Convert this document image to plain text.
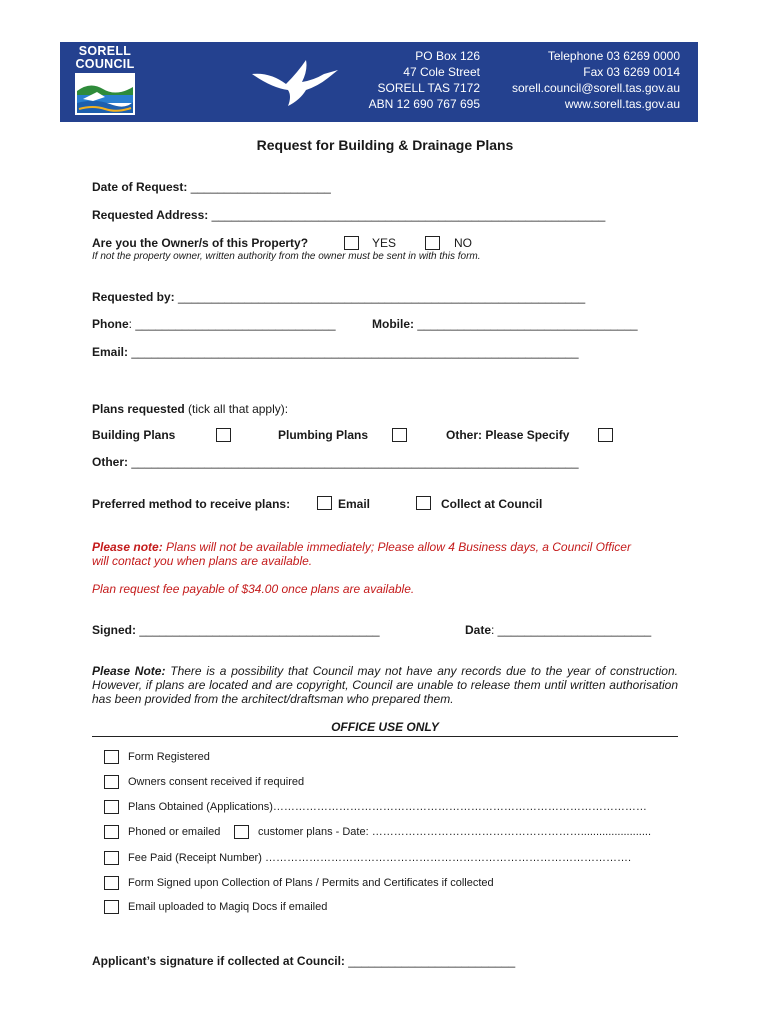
SORELL
COUNCIL
PO Box 126
47 Cole Street
SORELL TAS 7172
ABN 12 690 767 695
Telephone 03 6269 0000
Fax 03 6269 0014
sorell.council@sorell.tas.gov.au
www.sorell.tas.gov.au
Request for Building & Drainage Plans
Date of Request: _____________________
Requested Address: ___________________________________________________________
Are you the Owner/s of this Property?	YES	NO
If not the property owner, written authority from the owner must be sent in with this form.
Requested by: _____________________________________________________________
Phone: ______________________________	Mobile: _________________________________
Email: ___________________________________________________________________
Plans requested (tick all that apply):
Building Plans	Plumbing Plans	Other: Please Specify
Other: ___________________________________________________________________
Preferred method to receive plans:	Email	Collect at Council
Please note: Plans will not be available immediately; Please allow 4 Business days, a Council Officer
will contact you when plans are available.
Plan request fee payable of $34.00 once plans are available.
Signed: ____________________________________	Date: _______________________
Please Note: There is a possibility that Council may not have any records due to the year of construction. However, if plans are located and are copyright, Council are unable to release them until written authorisation has been provided from the architect/draftsman who prepared them.
OFFICE USE ONLY
Form Registered
Owners consent received if required
Plans Obtained (Applications)…………………………………………………………………………………………
Phoned or emailed	customer plans - Date: ………………………………………………….......................
Fee Paid (Receipt Number) ……………………………………………………………………………………….
Form Signed upon Collection of Plans / Permits and Certificates if collected
Email uploaded to Magiq Docs if emailed
Applicant’s signature if collected at Council: _________________________
